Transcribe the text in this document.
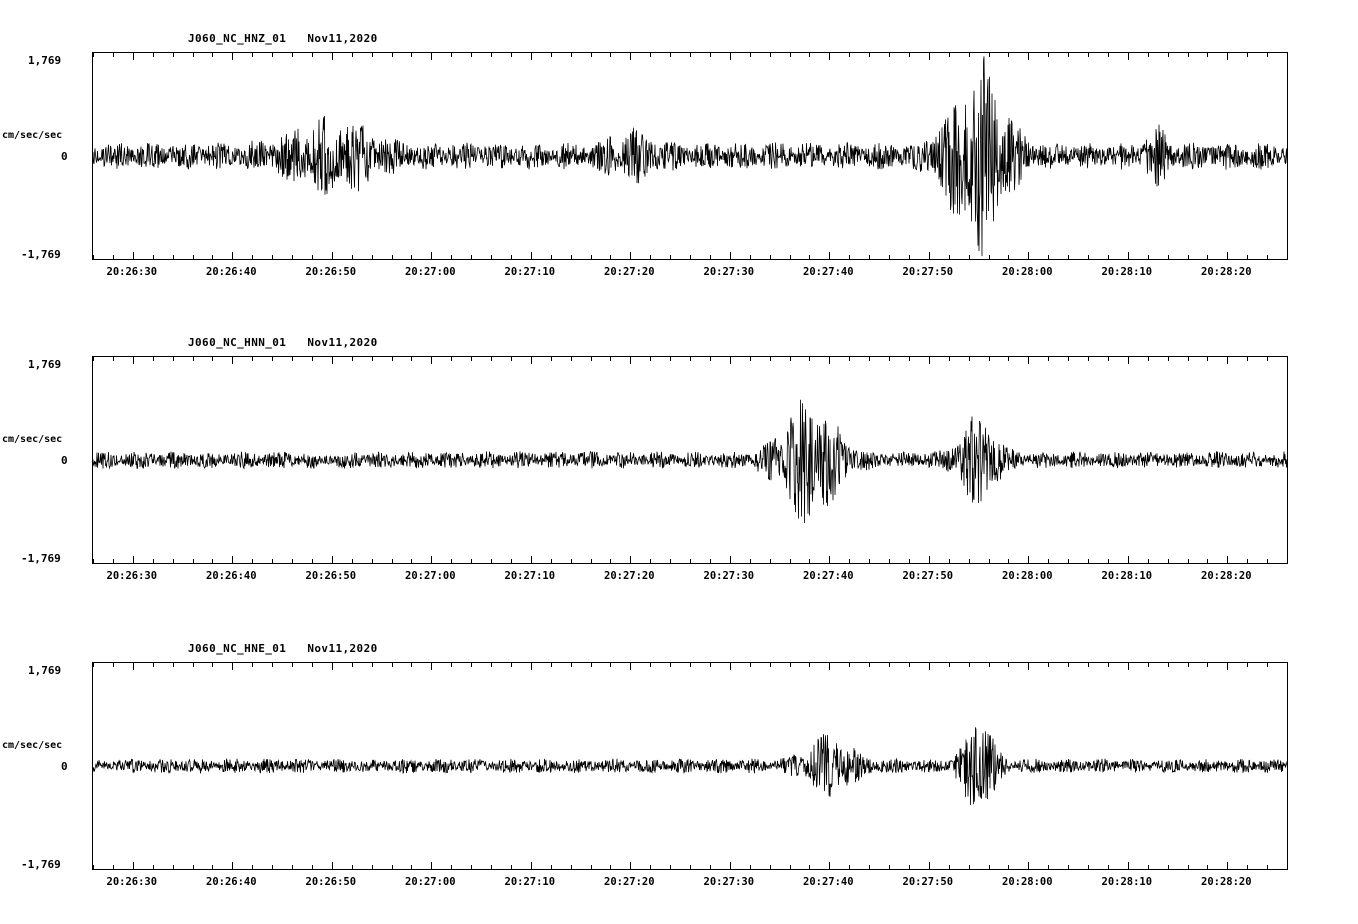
J060_NC_HNZ_01   Nov11,2020
cm/sec/sec
1,769
0
-1,769
20:26:30	20:26:40	20:26:50	20:27:00	20:27:10	20:27:20	20:27:30	20:27:40	20:27:50	20:28:00	20:28:10	20:28:20
J060_NC_HNN_01   Nov11,2020
cm/sec/sec
1,769
0
-1,769
20:26:30	20:26:40	20:26:50	20:27:00	20:27:10	20:27:20	20:27:30	20:27:40	20:27:50	20:28:00	20:28:10	20:28:20
J060_NC_HNE_01   Nov11,2020
cm/sec/sec
1,769
0
-1,769
20:26:30	20:26:40	20:26:50	20:27:00	20:27:10	20:27:20	20:27:30	20:27:40	20:27:50	20:28:00	20:28:10	20:28:20
